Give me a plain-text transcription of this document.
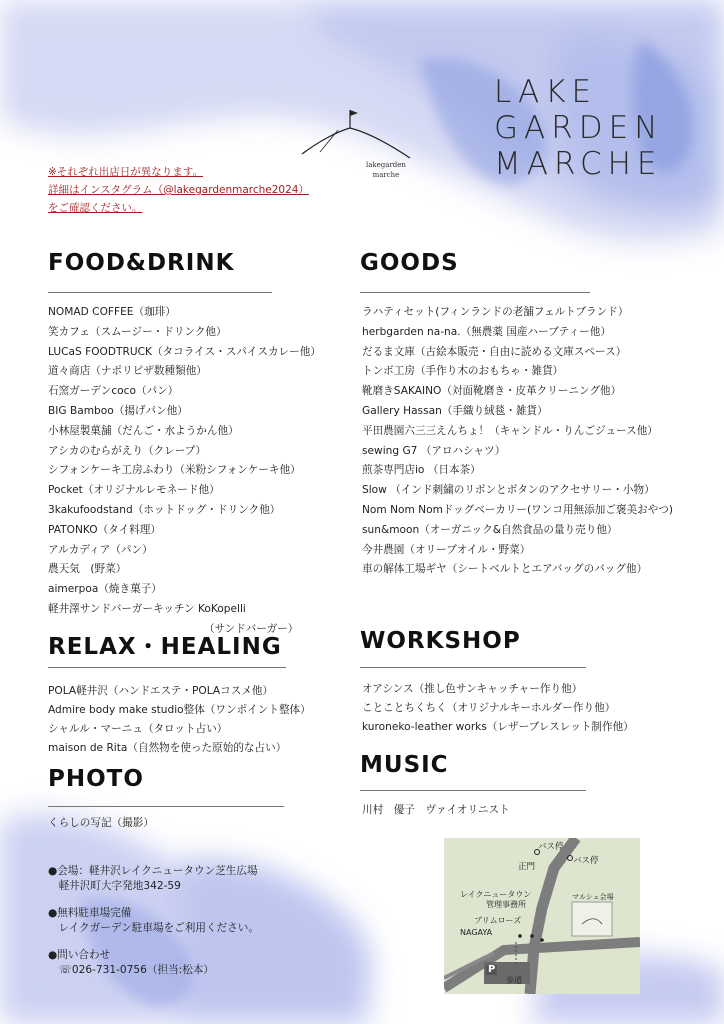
LAKE
GARDEN
MARCHE
lakegarden
marche
※それぞれ出店日が異なります。
詳細はインスタグラム（@lakegardenmarche2024）
をご確認ください。
FOOD&DRINK
NOMAD COFFEE（珈琲）
笑カフェ（スムージー・ドリンク他）
LUCaS FOODTRUCK（タコライス・スパイスカレー他）
道々商店（ナポリピザ数種類他）
石窯ガーデンcoco（パン）
BIG Bamboo（揚げパン他）
小林屋製菓舗（だんご・水ようかん他）
アシカのむらがえり（クレープ）
シフォンケーキ工房ふわり（米粉シフォンケーキ他）
Pocket（オリジナルレモネード他）
3kakufoodstand（ホットドッグ・ドリンク他）
PATONKO（タイ料理）
アルカディア（パン）
農天気　(野菜）
aimerpoa（焼き菓子）
軽井澤サンドバーガーキッチン KoKopelli
（サンドバーガー）
GOODS
ラハティセット(フィンランドの老舗フェルトブランド）
herbgarden na-na.（無農薬 国産ハーブティー他）
だるま文庫（古絵本販売・自由に読める文庫スペース）
トンボ工房（手作り木のおもちゃ・雑貨）
靴磨きSAKAINO（対面靴磨き・皮革クリーニング他）
Gallery Hassan（手織り絨毯・雑貨）
平田農園六三三えんちょ！（キャンドル・りんごジュース他）
sewing G7 （アロハシャツ）
煎茶専門店io （日本茶）
Slow （インド刺繍のリボンとボタンのアクセサリー・小物）
Nom Nom Nomドッグベーカリー(ワンコ用無添加ご褒美おやつ)
sun&moon（オーガニック&自然食品の量り売り他）
今井農園（オリーブオイル・野菜）
車の解体工場ギヤ（シートベルトとエアバッグのバッグ他）
RELAX・HEALING
POLA軽井沢（ハンドエステ・POLAコスメ他）
Admire body make studio整体（ワンポイント整体）
シャルル・マーニュ（タロット占い）
maison de Rita（自然物を使った原始的な占い）
WORKSHOP
オアシンス（推し色サンキャッチャー作り他）
ことことちくちく（オリジナルキーホルダー作り他）
kuroneko-leather works（レザーブレスレット制作他）
PHOTO
くらしの写記（撮影）
MUSIC
川村　優子　ヴァイオリニスト
●会場：軽井沢レイクニュータウン芝生広場
　軽井沢町大字発地342-59
●無料駐車場完備
　レイクガーデン駐車場をご利用ください。
●問い合わせ
　☏026-731-0756（担当:松本）
バス停
バス停
正門
レイクニュータウン
管理事務所
プリムローズ
NAGAYA
マルシェ会場
P
歩道
